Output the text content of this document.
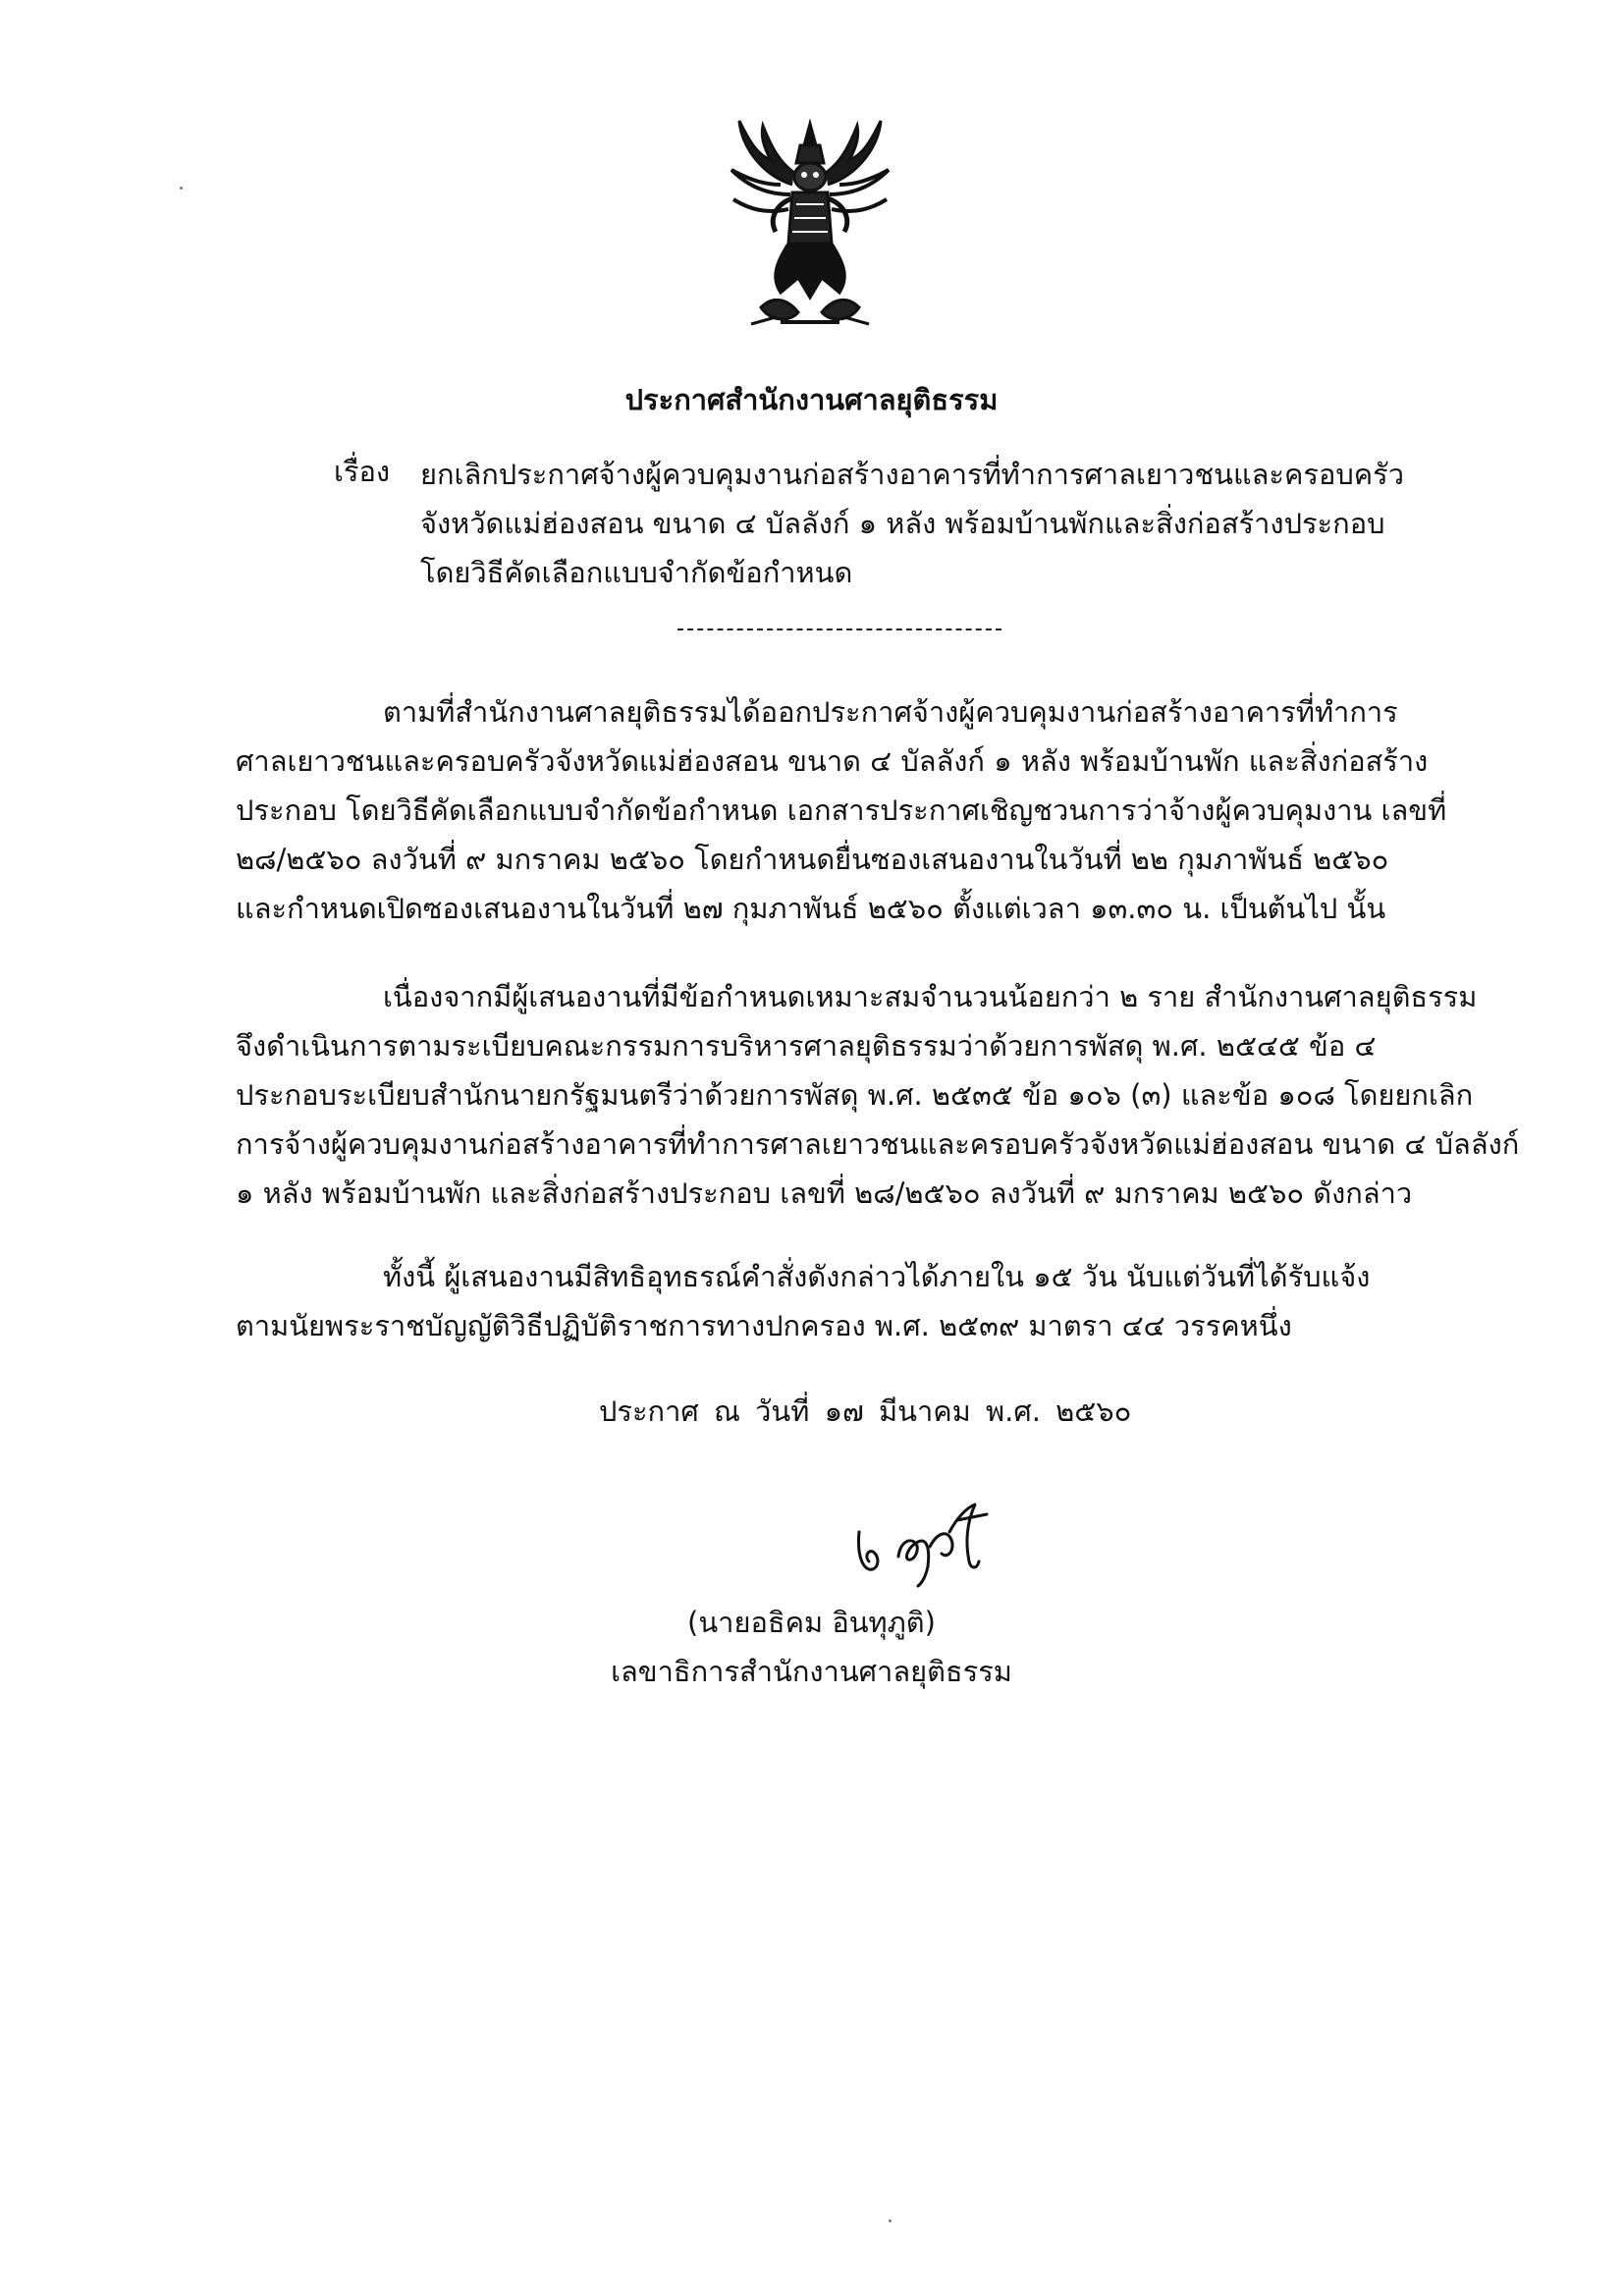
ประกาศสำนักงานศาลยุติธรรม
เรื่อง ยกเลิกประกาศจ้างผู้ควบคุมงานก่อสร้างอาคารที่ทำการศาลเยาวชนและครอบครัว
จังหวัดแม่ฮ่องสอน ขนาด ๔ บัลลังก์ ๑ หลัง พร้อมบ้านพักและสิ่งก่อสร้างประกอบ
โดยวิธีคัดเลือกแบบจำกัดข้อกำหนด
ตามที่สำนักงานศาลยุติธรรมได้ออกประกาศจ้างผู้ควบคุมงานก่อสร้างอาคารที่ทำการ
ศาลเยาวชนและครอบครัวจังหวัดแม่ฮ่องสอน ขนาด ๔ บัลลังก์ ๑ หลัง พร้อมบ้านพัก และสิ่งก่อสร้าง
ประกอบ โดยวิธีคัดเลือกแบบจำกัดข้อกำหนด เอกสารประกาศเชิญชวนการว่าจ้างผู้ควบคุมงาน เลขที่
๒๘/๒๕๖๐ ลงวันที่ ๙ มกราคม ๒๕๖๐ โดยกำหนดยื่นซองเสนองานในวันที่ ๒๒ กุมภาพันธ์ ๒๕๖๐
และกำหนดเปิดซองเสนองานในวันที่ ๒๗ กุมภาพันธ์ ๒๕๖๐ ตั้งแต่เวลา ๑๓.๓๐ น. เป็นต้นไป นั้น
เนื่องจากมีผู้เสนองานที่มีข้อกำหนดเหมาะสมจำนวนน้อยกว่า ๒ ราย สำนักงานศาลยุติธรรม
จึงดำเนินการตามระเบียบคณะกรรมการบริหารศาลยุติธรรมว่าด้วยการพัสดุ พ.ศ. ๒๕๔๕ ข้อ ๔
ประกอบระเบียบสำนักนายกรัฐมนตรีว่าด้วยการพัสดุ พ.ศ. ๒๕๓๕ ข้อ ๑๐๖ (๓) และข้อ ๑๐๘ โดยยกเลิก
การจ้างผู้ควบคุมงานก่อสร้างอาคารที่ทำการศาลเยาวชนและครอบครัวจังหวัดแม่ฮ่องสอน ขนาด ๔ บัลลังก์
๑ หลัง พร้อมบ้านพัก และสิ่งก่อสร้างประกอบ เลขที่ ๒๘/๒๕๖๐ ลงวันที่ ๙ มกราคม ๒๕๖๐ ดังกล่าว
ทั้งนี้ ผู้เสนองานมีสิทธิอุทธรณ์คำสั่งดังกล่าวได้ภายใน ๑๕ วัน นับแต่วันที่ได้รับแจ้ง
ตามนัยพระราชบัญญัติวิธีปฏิบัติราชการทางปกครอง พ.ศ. ๒๕๓๙ มาตรา ๔๔ วรรคหนึ่ง
ประกาศ ณ วันที่ ๑๗ มีนาคม พ.ศ. ๒๕๖๐
(นายอธิคม อินทุภูติ)
เลขาธิการสำนักงานศาลยุติธรรม
